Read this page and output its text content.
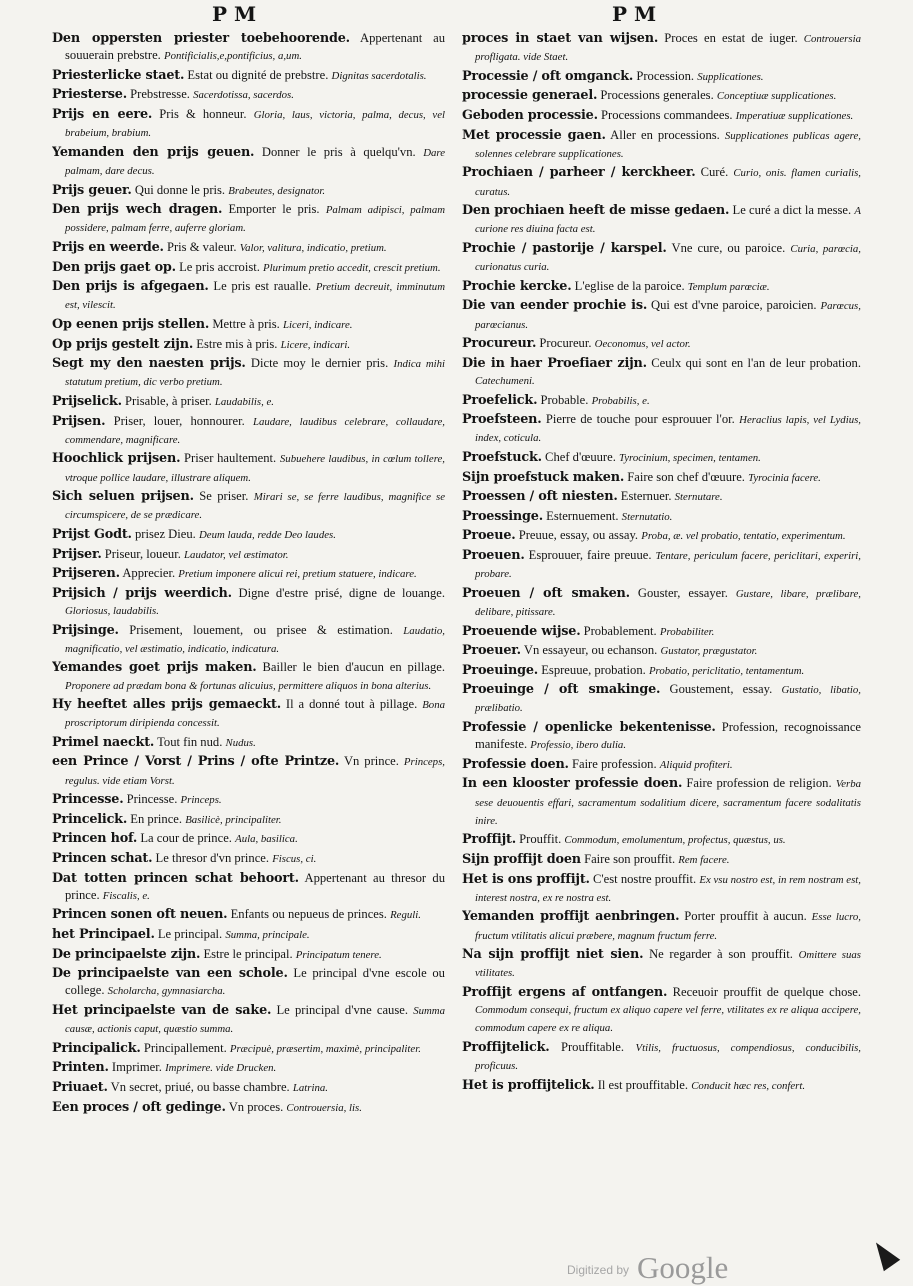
P M	P M

Den oppersten priester toebehoorende. Appertenant au souuerain prebstre. Pontificialis,e,pontificius, a,um.

Priesterlicke staet. Estat ou dignité de prebstre. Dignitas sacerdotalis.

Priesterse. Prebstresse. Sacerdotissa, sacerdos.

Prijs en eere. Pris & honneur. Gloria, laus, victoria, palma, decus, vel brabeium, brabium.

Yemanden den prijs geuen. Donner le pris à quelqu'vn. Dare palmam, dare decus.

Prijs geuer. Qui donne le pris. Brabeutes, designator.

Den prijs wech dragen. Emporter le pris. Palmam adipisci, palmam possidere, palmam ferre, auferre gloriam.

Prijs en weerde. Pris & valeur. Valor, valitura, indicatio, pretium.

Den prijs gaet op. Le pris accroist. Plurimum pretio accedit, crescit pretium.

Den prijs is afgegaen. Le pris est raualle. Pretium decreuit, imminutum est, vilescit.

Op eenen prijs stellen. Mettre à pris. Liceri, indicare.

Op prijs gestelt zijn. Estre mis à pris. Licere, indicari.

Segt my den naesten prijs. Dicte moy le dernier pris. Indica mihi statutum pretium, dic verbo pretium.

Prijselick. Prisable, à priser. Laudabilis, e.

Prijsen. Priser, louer, honnourer. Laudare, laudibus celebrare, collaudare, commendare, magnificare.

Hoochlick prijsen. Priser haultement. Subuehere laudibus, in cœlum tollere, vtroque pollice laudare, illustrare aliquem.

Sich seluen prijsen. Se priser. Mirari se, se ferre laudibus, magnifice se circumspicere, de se prædicare.

Prijst Godt. prisez Dieu. Deum lauda, redde Deo laudes.

Prijser. Priseur, loueur. Laudator, vel æstimator.

Prijseren. Apprecier. Pretium imponere alicui rei, pretium statuere, indicare.

Prijsich / prijs weerdich. Digne d'estre prisé, digne de louange. Gloriosus, laudabilis.

Prijsinge. Prisement, louement, ou prisee & estimation. Laudatio, magnificatio, vel æstimatio, indicatio, indicatura.

Yemandes goet prijs maken. Bailler le bien d'aucun en pillage. Proponere ad prædam bona & fortunas alicuius, permittere aliquos in bona alterius.

Hy heeftet alles prijs gemaeckt. Il a donné tout à pillage. Bona proscriptorum diripienda concessit.

Primel naeckt. Tout fin nud. Nudus.

een Prince / Vorst / Prins / ofte Printze. Vn prince. Princeps, regulus. vide etiam Vorst.

Princesse. Princesse. Princeps.

Princelick. En prince. Basilicè, principaliter.

Princen hof. La cour de prince. Aula, basilica.

Princen schat. Le thresor d'vn prince. Fiscus, ci.

Dat totten princen schat behoort. Appertenant au thresor du prince. Fiscalis, e.

Princen sonen oft neuen. Enfants ou nepueus de princes. Reguli.

het Principael. Le principal. Summa, principale.

De principaelste zijn. Estre le principal. Principatum tenere.

De principaelste van een schole. Le principal d'vne escole ou college. Scholarcha, gymnasiarcha.

Het principaelste van de sake. Le principal d'vne cause. Summa causæ, actionis caput, quæstio summa.

Principalick. Principallement. Præcipuè, præsertim, maximè, principaliter.

Printen. Imprimer. Imprimere. vide Drucken.

Priuaet. Vn secret, priué, ou basse chambre. Latrina.

Een proces / oft gedinge. Vn proces. Controuersia, lis.

proces in staet van wijsen. Proces en estat de iuger. Controuersia profligata. vide Staet.

Processie / oft omganck. Procession. Supplicationes.

processie generael. Processions generales. Conceptiuæ supplicationes.

Geboden processie. Processions commandees. Imperatiuæ supplicationes.

Met processie gaen. Aller en processions. Supplicationes publicas agere, solennes celebrare supplicationes.

Prochiaen / parheer / kerckheer. Curé. Curio, onis. flamen curialis, curatus.

Den prochiaen heeft de misse gedaen. Le curé a dict la messe. A curione res diuina facta est.

Prochie / pastorije / karspel. Vne cure, ou paroice. Curia, parœcia, curionatus curia.

Prochie kercke. L'eglise de la paroice. Templum parœciæ.

Die van eender prochie is. Qui est d'vne paroice, paroicien. Parœcus, parœcianus.

Procureur. Procureur. Oeconomus, vel actor.

Die in haer Proefiaer zijn. Ceulx qui sont en l'an de leur probation. Catechumeni.

Proefelick. Probable. Probabilis, e.

Proefsteen. Pierre de touche pour esprouuer l'or. Heraclius lapis, vel Lydius, index, coticula.

Proefstuck. Chef d'œuure. Tyrocinium, specimen, tentamen.

Sijn proefstuck maken. Faire son chef d'œuure. Tyrocinia facere.

Proessen / oft niesten. Esternuer. Sternutare.

Proessinge. Esternuement. Sternutatio.

Proeue. Preuue, essay, ou assay. Proba, æ. vel probatio, tentatio, experimentum.

Proeuen. Esprouuer, faire preuue. Tentare, periculum facere, periclitari, experiri, probare.

Proeuen / oft smaken. Gouster, essayer. Gustare, libare, prælibare, delibare, pitissare.

Proeuende wijse. Probablement. Probabiliter.

Proeuer. Vn essayeur, ou echanson. Gustator, prægustator.

Proeuinge. Espreuue, probation. Probatio, periclitatio, tentamentum.

Proeuinge / oft smakinge. Goustement, essay. Gustatio, libatio, prælibatio.

Professie / openlicke bekentenisse. Profession, recognoissance manifeste. Professio, ibero dulia.

Professie doen. Faire profession. Aliquid profiteri.

In een klooster professie doen. Faire profession de religion. Verba sese deuouentis effari, sacramentum sodalitium dicere, sacramentum facere sodalitatis inire.

Proffijt. Prouffit. Commodum, emolumentum, profectus, quæstus, us.

Sijn proffijt doen Faire son prouffit. Rem facere.

Het is ons proffijt. C'est nostre prouffit. Ex vsu nostro est, in rem nostram est, interest nostra, ex re nostra est.

Yemanden proffijt aenbringen. Porter prouffit à aucun. Esse lucro, fructum vtilitatis alicui præbere, magnum fructum ferre.

Na sijn proffijt niet sien. Ne regarder à son prouffit. Omittere suas vtilitates.

Proffijt ergens af ontfangen. Receuoir prouffit de quelque chose. Commodum consequi, fructum ex aliquo capere vel ferre, vtilitates ex re aliqua accipere, commodum capere ex re aliqua.

Proffijtelick. Prouffitable. Vtilis, fructuosus, compendiosus, conducibilis, proficuus.

Het is proffijtelick. Il est prouffitable. Conducit hæc res, confert.

$^{Digitized by}$ Google
